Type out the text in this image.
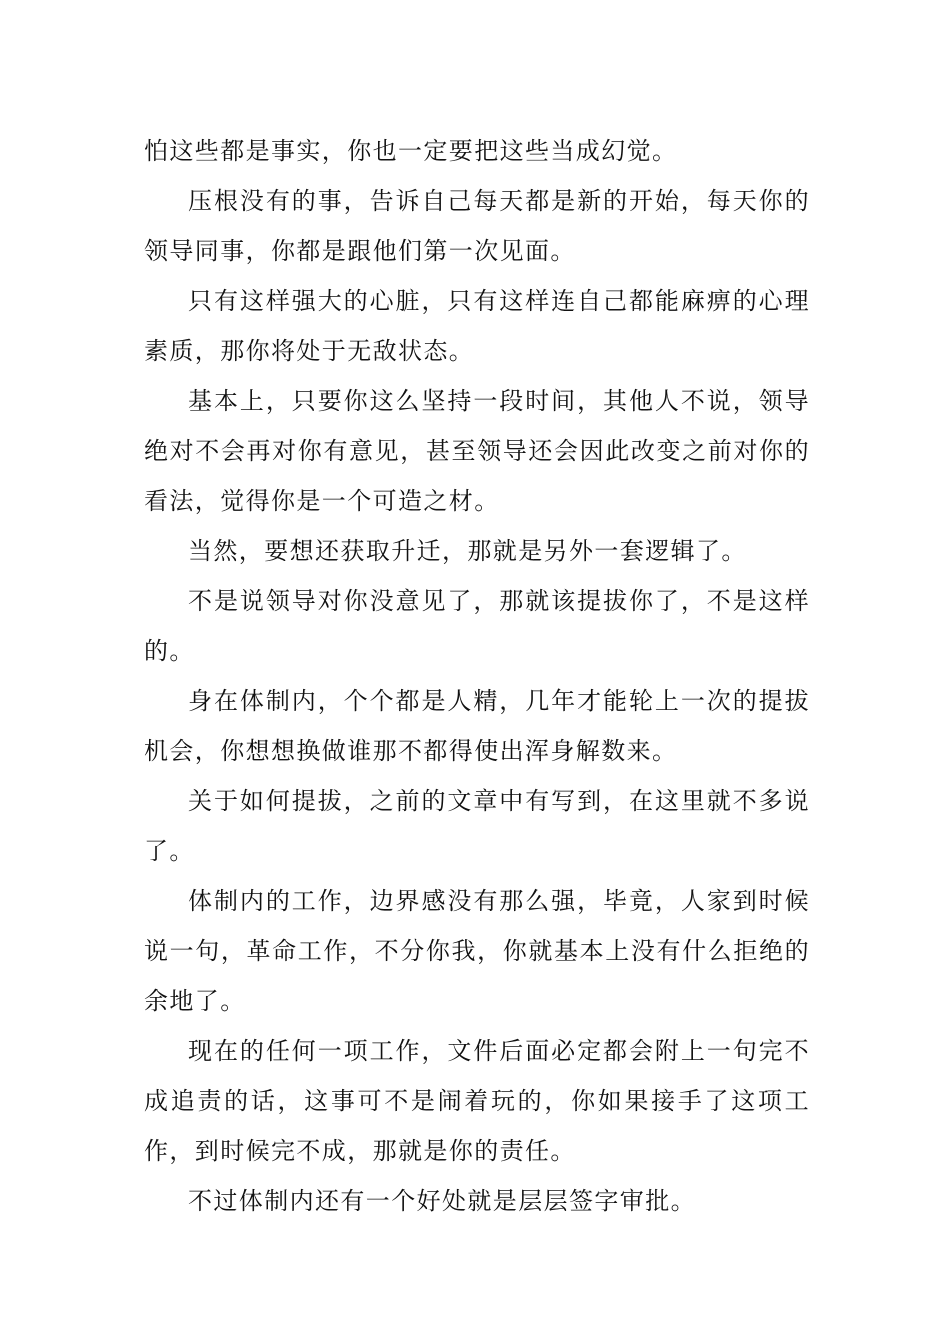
怕这些都是事实，你也一定要把这些当成幻觉。

压根没有的事，告诉自己每天都是新的开始，每天你的领导同事，你都是跟他们第一次见面。

只有这样强大的心脏，只有这样连自己都能麻痹的心理素质，那你将处于无敌状态。

基本上，只要你这么坚持一段时间，其他人不说，领导绝对不会再对你有意见，甚至领导还会因此改变之前对你的看法，觉得你是一个可造之材。

当然，要想还获取升迁，那就是另外一套逻辑了。

不是说领导对你没意见了，那就该提拔你了，不是这样的。

身在体制内，个个都是人精，几年才能轮上一次的提拔机会，你想想换做谁那不都得使出浑身解数来。

关于如何提拔，之前的文章中有写到，在这里就不多说了。

体制内的工作，边界感没有那么强，毕竟，人家到时候说一句，革命工作，不分你我，你就基本上没有什么拒绝的余地了。

现在的任何一项工作，文件后面必定都会附上一句完不成追责的话，这事可不是闹着玩的，你如果接手了这项工作，到时候完不成，那就是你的责任。

不过体制内还有一个好处就是层层签字审批。
